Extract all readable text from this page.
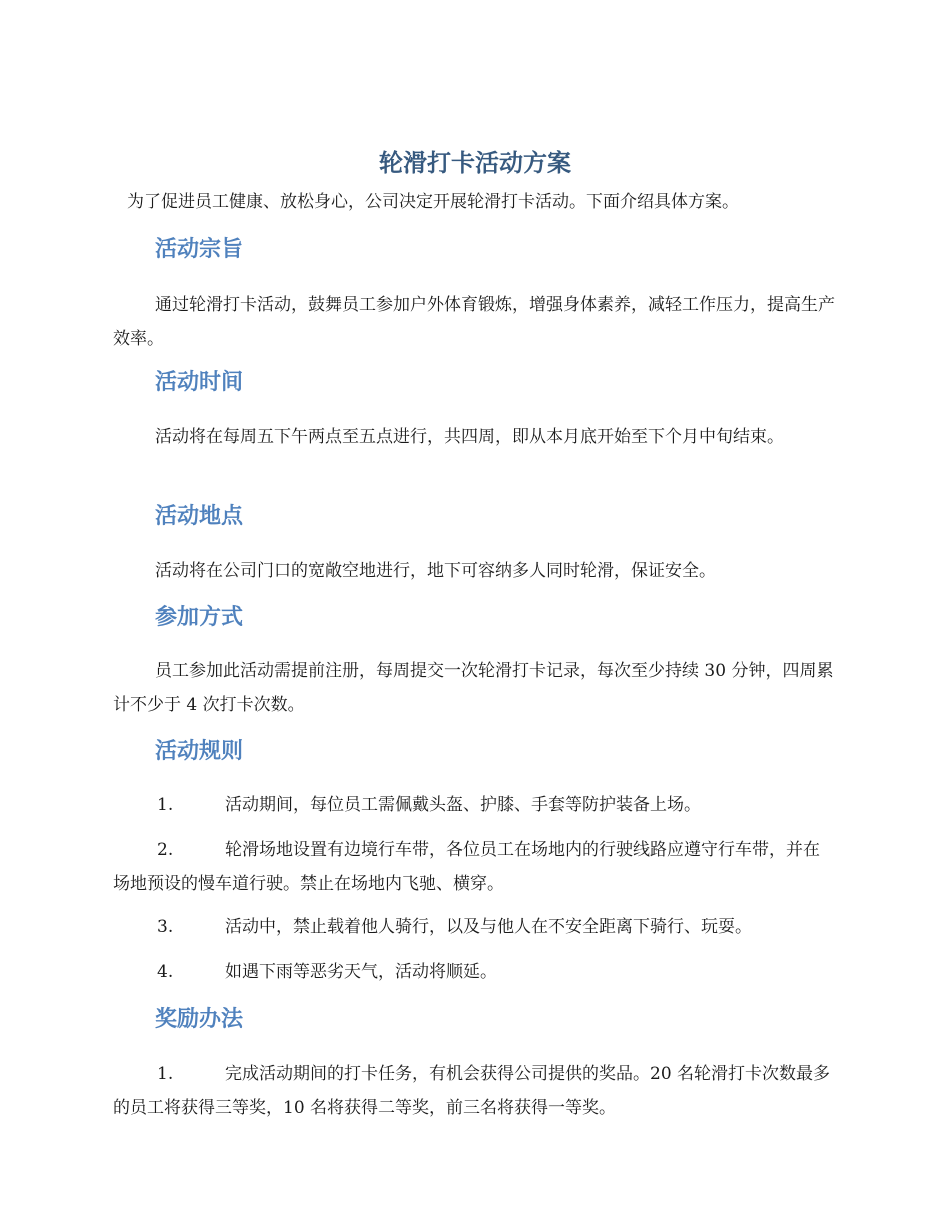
轮滑打卡活动方案

为了促进员工健康、放松身心，公司决定开展轮滑打卡活动。下面介绍具体方案。

活动宗旨

通过轮滑打卡活动，鼓舞员工参加户外体育锻炼，增强身体素养，减轻工作压力，提高生产效率。

活动时间

活动将在每周五下午两点至五点进行，共四周，即从本月底开始至下个月中旬结束。

活动地点

活动将在公司门口的宽敞空地进行，地下可容纳多人同时轮滑，保证安全。

参加方式

员工参加此活动需提前注册，每周提交一次轮滑打卡记录，每次至少持续 30 分钟，四周累计不少于 4 次打卡次数。

活动规则

1.	活动期间，每位员工需佩戴头盔、护膝、手套等防护装备上场。

2.	轮滑场地设置有边境行车带，各位员工在场地内的行驶线路应遵守行车带，并在场地预设的慢车道行驶。禁止在场地内飞驰、横穿。

3.	活动中，禁止载着他人骑行，以及与他人在不安全距离下骑行、玩耍。

4.	如遇下雨等恶劣天气，活动将顺延。

奖励办法

1.	完成活动期间的打卡任务，有机会获得公司提供的奖品。20 名轮滑打卡次数最多的员工将获得三等奖，10 名将获得二等奖，前三名将获得一等奖。
